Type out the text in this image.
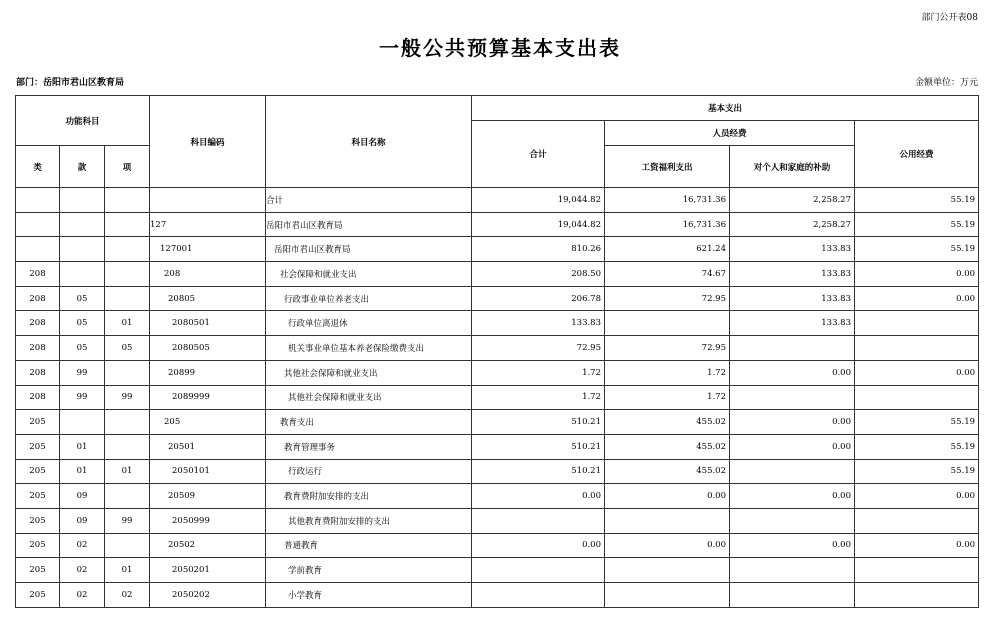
部门公开表08
一般公共预算基本支出表
部门：岳阳市君山区教育局	金额单位：万元
功能科目			科目编码	科目名称	基本支出			
					合计	人员经费		公用经费
类	款	项				工资福利支出	对个人和家庭的补助	
				合计	19,044.82	16,731.36	2,258.27	55.19
			127	岳阳市君山区教育局	19,044.82	16,731.36	2,258.27	55.19
			127001	岳阳市君山区教育局	810.26	621.24	133.83	55.19
208			208	社会保障和就业支出	208.50	74.67	133.83	0.00
208	05		20805	行政事业单位养老支出	206.78	72.95	133.83	0.00
208	05	01	2080501	行政单位离退休	133.83		133.83	
208	05	05	2080505	机关事业单位基本养老保险缴费支出	72.95	72.95		
208	99		20899	其他社会保障和就业支出	1.72	1.72	0.00	0.00
208	99	99	2089999	其他社会保障和就业支出	1.72	1.72		
205			205	教育支出	510.21	455.02	0.00	55.19
205	01		20501	教育管理事务	510.21	455.02	0.00	55.19
205	01	01	2050101	行政运行	510.21	455.02		55.19
205	09		20509	教育费附加安排的支出	0.00	0.00	0.00	0.00
205	09	99	2050999	其他教育费附加安排的支出				
205	02		20502	普通教育	0.00	0.00	0.00	0.00
205	02	01	2050201	学前教育				
205	02	02	2050202	小学教育				
